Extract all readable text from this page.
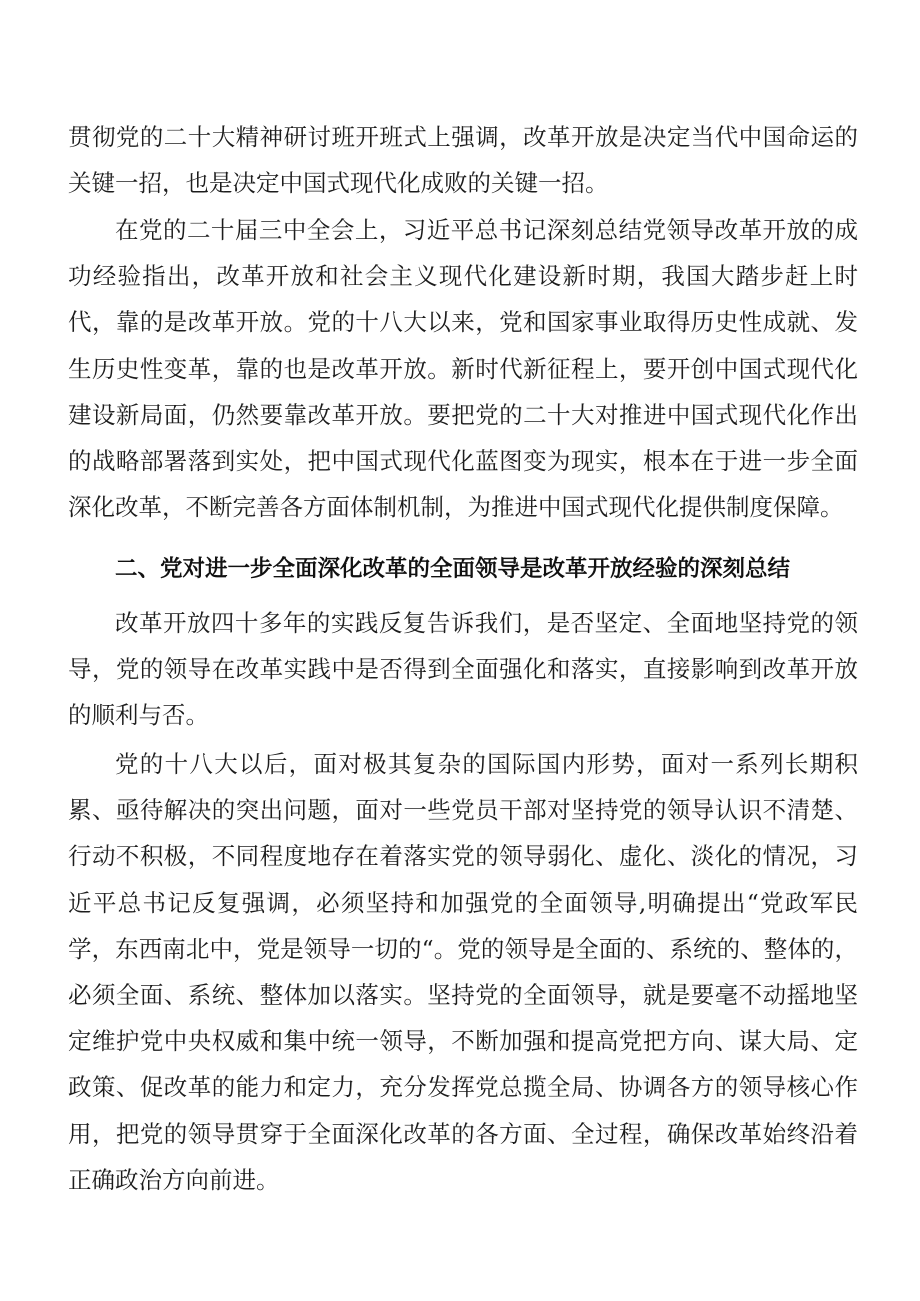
贯彻党的二十大精神研讨班开班式上强调，改革开放是决定当代中国命运的关键一招，也是决定中国式现代化成败的关键一招。

在党的二十届三中全会上，习近平总书记深刻总结党领导改革开放的成功经验指出，改革开放和社会主义现代化建设新时期，我国大踏步赶上时代，靠的是改革开放。党的十八大以来，党和国家事业取得历史性成就、发生历史性变革，靠的也是改革开放。新时代新征程上，要开创中国式现代化建设新局面，仍然要靠改革开放。要把党的二十大对推进中国式现代化作出的战略部署落到实处，把中国式现代化蓝图变为现实，根本在于进一步全面深化改革，不断完善各方面体制机制，为推进中国式现代化提供制度保障。

二、党对进一步全面深化改革的全面领导是改革开放经验的深刻总结

改革开放四十多年的实践反复告诉我们，是否坚定、全面地坚持党的领导，党的领导在改革实践中是否得到全面强化和落实，直接影响到改革开放的顺利与否。

党的十八大以后，面对极其复杂的国际国内形势，面对一系列长期积累、亟待解决的突出问题，面对一些党员干部对坚持党的领导认识不清楚、行动不积极，不同程度地存在着落实党的领导弱化、虚化、淡化的情况，习近平总书记反复强调，必须坚持和加强党的全面领导,明确提出“党政军民学，东西南北中，党是领导一切的“。党的领导是全面的、系统的、整体的，必须全面、系统、整体加以落实。坚持党的全面领导，就是要毫不动摇地坚定维护党中央权威和集中统一领导，不断加强和提高党把方向、谋大局、定政策、促改革的能力和定力，充分发挥党总揽全局、协调各方的领导核心作用，把党的领导贯穿于全面深化改革的各方面、全过程，确保改革始终沿着正确政治方向前进。
